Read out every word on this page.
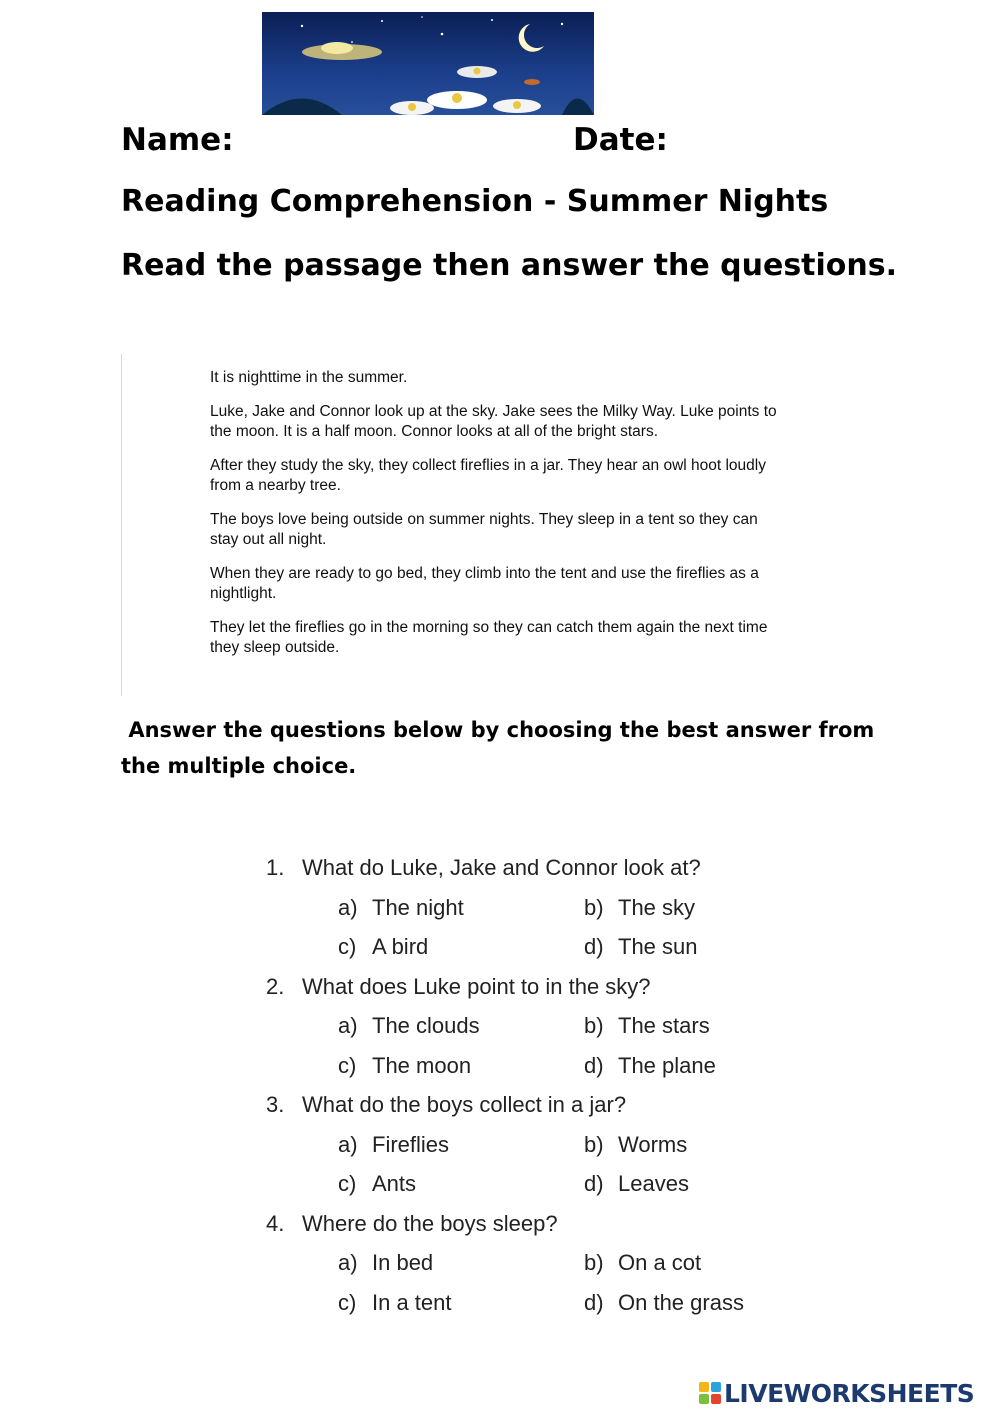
Name:	Date:
Reading Comprehension - Summer Nights
Read the passage then answer the questions.

It is nighttime in the summer.

Luke, Jake and Connor look up at the sky. Jake sees the Milky Way. Luke points to the moon. It is a half moon. Connor looks at all of the bright stars.

After they study the sky, they collect fireflies in a jar. They hear an owl hoot loudly from a nearby tree.

The boys love being outside on summer nights. They sleep in a tent so they can stay out all night.

When they are ready to go bed, they climb into the tent and use the fireflies as a nightlight.

They let the fireflies go in the morning so they can catch them again the next time they sleep outside.

Answer the questions below by choosing the best answer from the multiple choice.
1. What do Luke, Jake and Connor look at?
a) The night	b) The sky
c) A bird	d) The sun
2. What does Luke point to in the sky?
a) The clouds	b) The stars
c) The moon	d) The plane
3. What do the boys collect in a jar?
a) Fireflies	b) Worms
c) Ants	d) Leaves
4. Where do the boys sleep?
a) In bed	b) On a cot
c) In a tent	d) On the grass
LIVEWORKSHEETS
